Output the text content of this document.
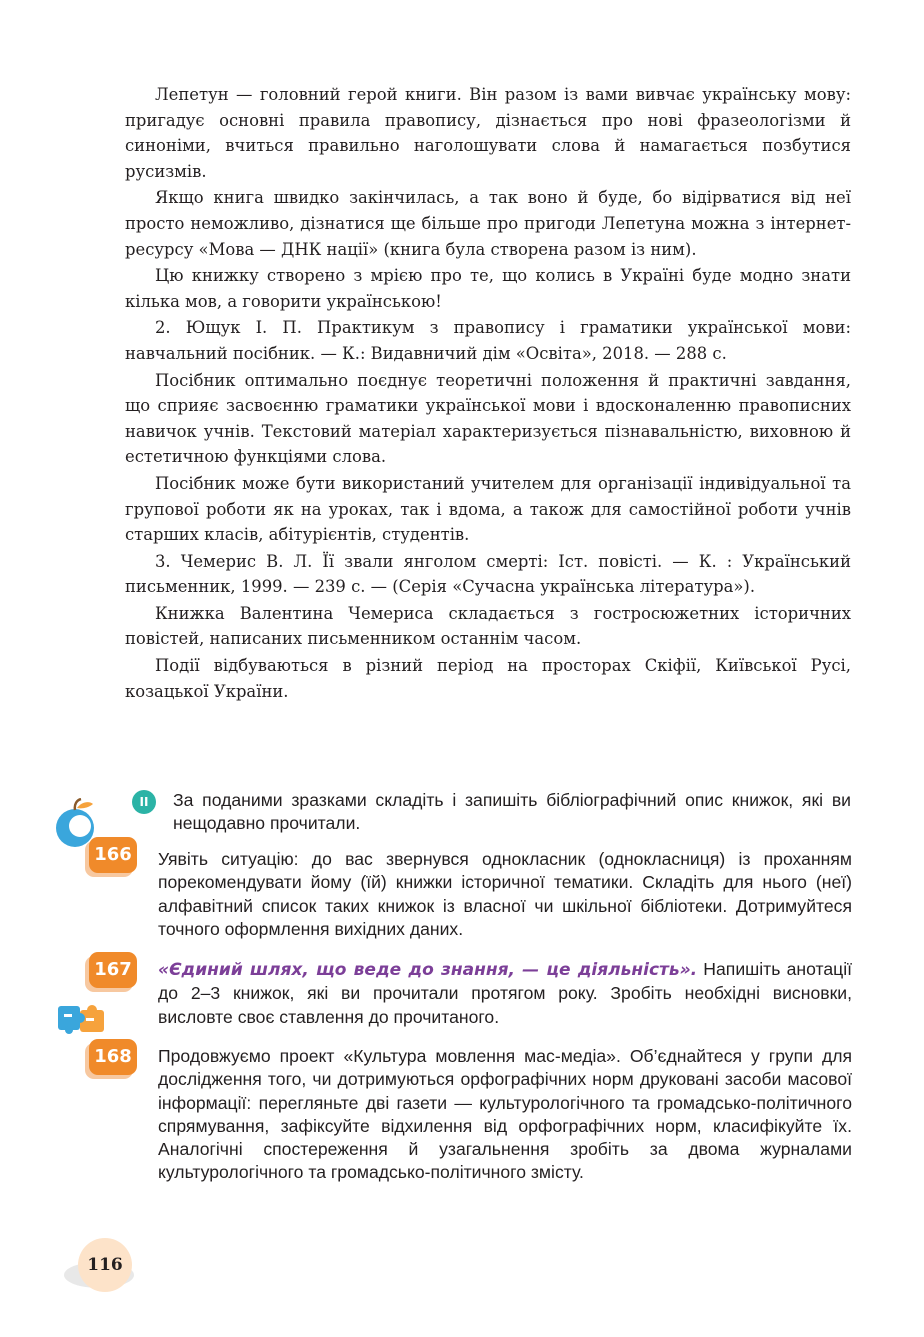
Лепетун — головний герой книги. Він разом із вами вивчає українську мову: пригадує основні правила правопису, дізнається про нові фразеологізми й синоніми, вчиться правильно наголошувати слова й намагається позбутися русизмів.

Якщо книга швидко закінчилась, а так воно й буде, бо відірватися від неї просто неможливо, дізнатися ще більше про пригоди Лепетуна можна з інтернет-ресурсу «Мова — ДНК нації» (книга була створена разом із ним).

Цю книжку створено з мрією про те, що колись в Україні буде модно знати кілька мов, а говорити українською!

2. Ющук І. П. Практикум з правопису і граматики української мови: навчальний посібник. — К.: Видавничий дім «Освіта», 2018. — 288 с.

Посібник оптимально поєднує теоретичні положення й практичні завдання, що сприяє засвоєнню граматики української мови і вдосконаленню правописних навичок учнів. Текстовий матеріал характеризується пізнавальністю, виховною й естетичною функціями слова.

Посібник може бути використаний учителем для організації індивідуальної та групової роботи як на уроках, так і вдома, а також для самостійної роботи учнів старших класів, абітурієнтів, студентів.

3. Чемерис В. Л. Її звали янголом смерті: Іст. повісті. — К. : Український письменник, 1999. — 239 с. — (Серія «Сучасна українська література»).

Книжка Валентина Чемериса складається з гостросюжетних історичних повістей, написаних письменником останнім часом.

Події відбуваються в різний період на просторах Скіфії, Київської Русі, козацької України.

II	За поданими зразками складіть і запишіть бібліографічний опис книжок, які ви нещодавно прочитали.

166 Уявіть ситуацію: до вас звернувся однокласник (однокласниця) із проханням порекомендувати йому (їй) книжки історичної тематики. Складіть для нього (неї) алфавітний список таких книжок із власної чи шкільної бібліотеки. Дотримуйтеся точного оформлення вихідних даних.

167	«Єдиний шлях, що веде до знання, — це діяльність». Напишіть анотації до 2–3 книжок, які ви прочитали протягом року. Зробіть необхідні висновки, висловте своє ставлення до прочитаного.

168 Продовжуємо проект «Культура мовлення мас-медіа». Об’єднайтеся у групи для дослідження того, чи дотримуються орфографічних норм друковані засоби масової інформації: перегляньте дві газети — культурологічного та громадсько-політичного спрямування, зафіксуйте відхилення від орфографічних норм, класифікуйте їх. Аналогічні спостереження й узагальнення зробіть за двома журналами культурологічного та громадсько-політичного змісту.

116
